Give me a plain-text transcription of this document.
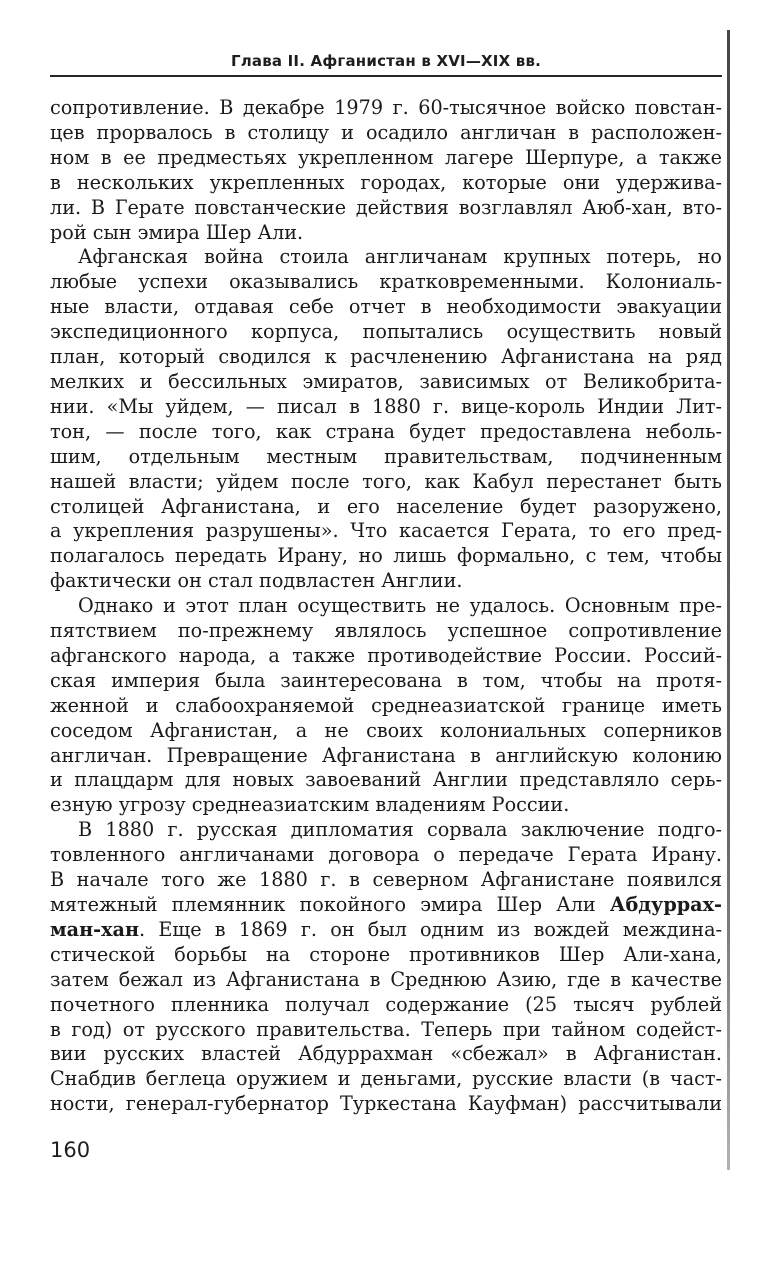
Глава II. Афганистан в XVI—XIX вв.
сопротивление. В декабре 1979 г. 60-тысячное войско повстан-
цев прорвалось в столицу и осадило англичан в расположен-
ном в ее предместьях укрепленном лагере Шерпуре, а также
в нескольких укрепленных городах, которые они удержива-
ли. В Герате повстанческие действия возглавлял Аюб-хан, вто-
рой сын эмира Шер Али.
Афганская война стоила англичанам крупных потерь, но
любые успехи оказывались кратковременными. Колониаль-
ные власти, отдавая себе отчет в необходимости эвакуации
экспедиционного корпуса, попытались осуществить новый
план, который сводился к расчленению Афганистана на ряд
мелких и бессильных эмиратов, зависимых от Великобрита-
нии. «Мы уйдем, — писал в 1880 г. вице-король Индии Лит-
тон, — после того, как страна будет предоставлена неболь-
шим, отдельным местным правительствам, подчиненным
нашей власти; уйдем после того, как Кабул перестанет быть
столицей Афганистана, и его население будет разоружено,
а укрепления разрушены». Что касается Герата, то его пред-
полагалось передать Ирану, но лишь формально, с тем, чтобы
фактически он стал подвластен Англии.
Однако и этот план осуществить не удалось. Основным пре-
пятствием по-прежнему являлось успешное сопротивление
афганского народа, а также противодействие России. Россий-
ская империя была заинтересована в том, чтобы на протя-
женной и слабоохраняемой среднеазиатской границе иметь
соседом Афганистан, а не своих колониальных соперников
англичан. Превращение Афганистана в английскую колонию
и плацдарм для новых завоеваний Англии представляло серь-
езную угрозу среднеазиатским владениям России.
В 1880 г. русская дипломатия сорвала заключение подго-
товленного англичанами договора о передаче Герата Ирану.
В начале того же 1880 г. в северном Афганистане появился
мятежный племянник покойного эмира Шер Али Абдуррах-
ман-хан. Еще в 1869 г. он был одним из вождей междина-
стической борьбы на стороне противников Шер Али-хана,
затем бежал из Афганистана в Среднюю Азию, где в качестве
почетного пленника получал содержание (25 тысяч рублей
в год) от русского правительства. Теперь при тайном содейст-
вии русских властей Абдуррахман «сбежал» в Афганистан.
Снабдив беглеца оружием и деньгами, русские власти (в част-
ности, генерал-губернатор Туркестана Кауфман) рассчитывали
160
